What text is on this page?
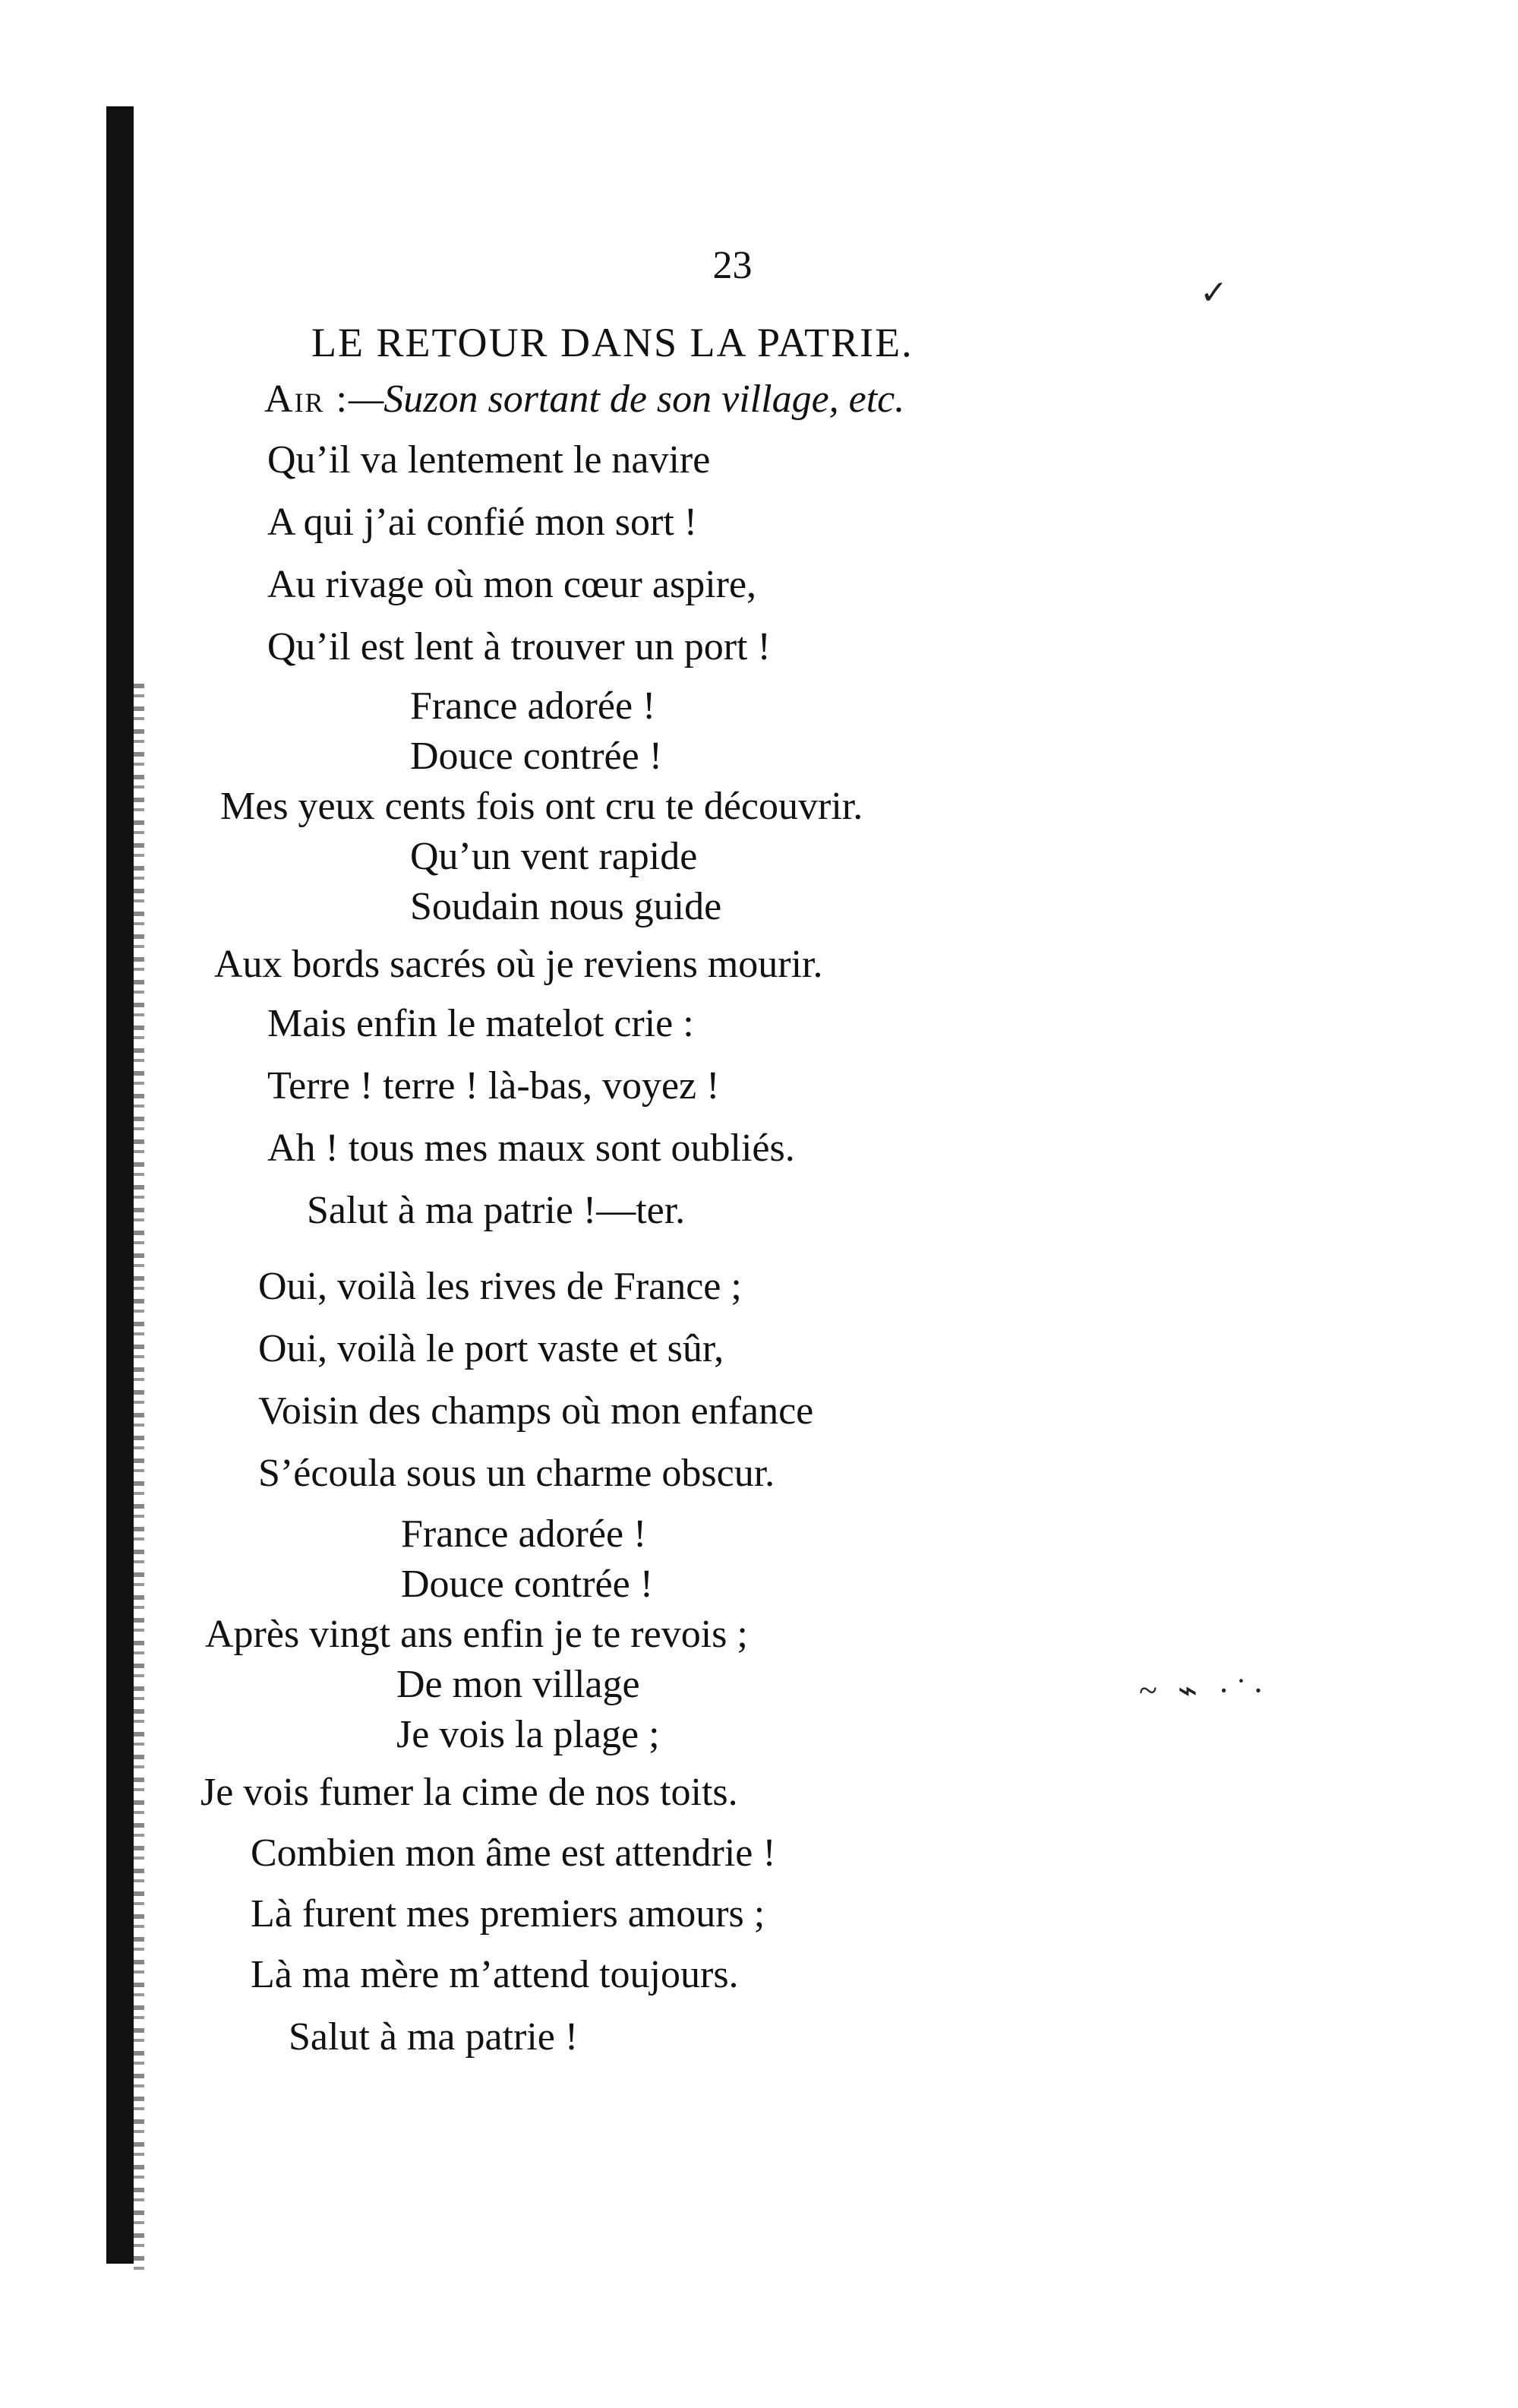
✓
~ ⌁ ·˙·
23
LE RETOUR DANS LA PATRIE.
Air :—Suzon sortant de son village, etc.
Qu’il va lentement le navire
A qui j’ai confié mon sort !
Au rivage où mon cœur aspire,
Qu’il est lent à trouver un port !
France adorée !
Douce contrée !
Mes yeux cents fois ont cru te découvrir.
Qu’un vent rapide
Soudain nous guide
Aux bords sacrés où je reviens mourir.
Mais enfin le matelot crie :
Terre ! terre ! là-bas, voyez !
Ah ! tous mes maux sont oubliés.
Salut à ma patrie !—ter.
Oui, voilà les rives de France ;
Oui, voilà le port vaste et sûr,
Voisin des champs où mon enfance
S’écoula sous un charme obscur.
France adorée !
Douce contrée !
Après vingt ans enfin je te revois ;
De mon village
Je vois la plage ;
Je vois fumer la cime de nos toits.
Combien mon âme est attendrie !
Là furent mes premiers amours ;
Là ma mère m’attend toujours.
Salut à ma patrie !
